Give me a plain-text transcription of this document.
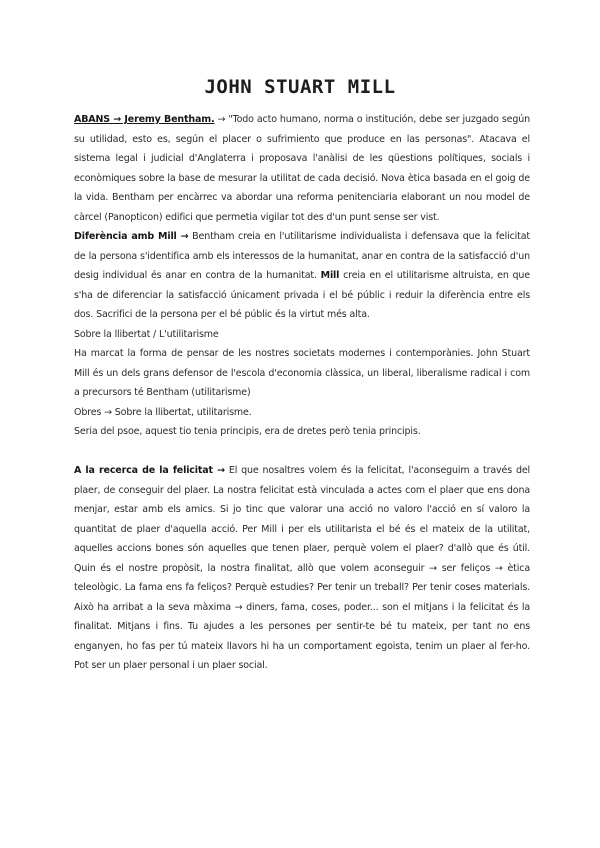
JOHN STUART MILL

ABANS → Jeremy Bentham. → "Todo acto humano, norma o institución, debe ser juzgado según su utilidad, esto es, según el placer o sufrimiento que produce en las personas". Atacava el sistema legal i judicial d'Anglaterra i proposava l'anàlisi de les qüestions polítiques, socials i econòmiques sobre la base de mesurar la utilitat de cada decisió. Nova ètica basada en el goig de la vida. Bentham per encàrrec va abordar una reforma penitenciaria elaborant un nou model de càrcel (Panopticon) edifici que permetia vigilar tot des d'un punt sense ser vist.

Diferència amb Mill → Bentham creia en l'utilitarisme individualista i defensava que la felicitat de la persona s'identifica amb els interessos de la humanitat, anar en contra de la satisfacció d'un desig individual és anar en contra de la humanitat. Mill creia en el utilitarisme altruista, en que s'ha de diferenciar la satisfacció únicament privada i el bé públic i reduir la diferència entre els dos. Sacrifici de la persona per el bé públic és la virtut més alta.

Sobre la llibertat / L'utilitarisme

Ha marcat la forma de pensar de les nostres societats modernes i contemporànies. John Stuart Mill és un dels grans defensor de l'escola d'economia clàssica, un liberal, liberalisme radical i com a precursors té Bentham (utilitarisme)

Obres → Sobre la llibertat, utilitarisme.

Seria del psoe, aquest tio tenia principis, era de dretes però tenia principis.

A la recerca de la felicitat → El que nosaltres volem és la felicitat, l'aconseguim a través del plaer, de conseguir del plaer. La nostra felicitat està vinculada a actes com el plaer que ens dona menjar, estar amb els amics. Si jo tinc que valorar una acció no valoro l'acció en sí valoro la quantitat de plaer d'aquella acció. Per Mill i per els utilitarista el bé és el mateix de la utilitat, aquelles accions bones són aquelles que tenen plaer, perquè volem el plaer? d'allò que és útil. Quin és el nostre propòsit, la nostra finalitat, allò que volem aconseguir → ser feliços → ètica teleològic. La fama ens fa feliços? Perquè estudies? Per tenir un treball? Per tenir coses materials. Això ha arribat a la seva màxima → diners, fama, coses, poder... son el mitjans i la felicitat és la finalitat. Mitjans i fins. Tu ajudes a les persones per sentir-te bé tu mateix, per tant no ens enganyen, ho fas per tú mateix llavors hi ha un comportament egoista, tenim un plaer al fer-ho. Pot ser un plaer personal i un plaer social.
